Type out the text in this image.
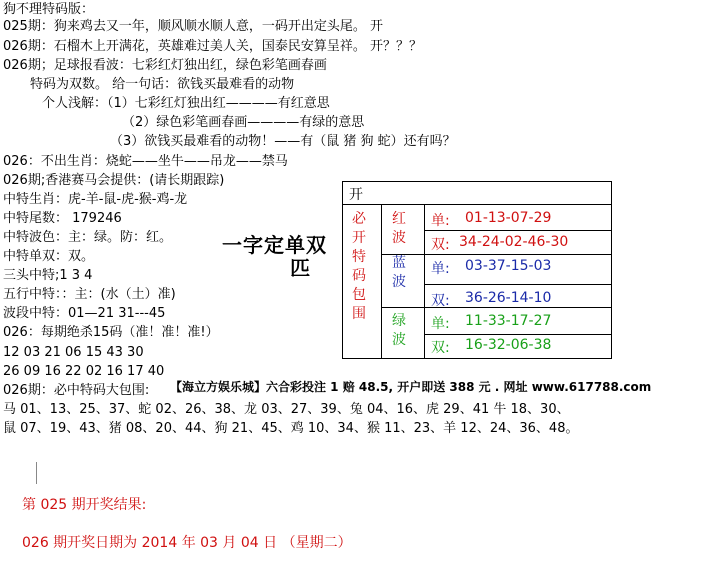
狗不理特码版：
025期：狗来鸡去又一年，顺风顺水顺人意，一码开出定头尾。 开
026期：石榴木上开满花，英雄难过美人关，国泰民安算呈祥。 开？？？
026期；足球报看波：七彩红灯独出红，绿色彩笔画春画
特码为双数。 给一句话：欲钱买最难看的动物
个人浅解：（1）七彩红灯独出红————有红意思
（2）绿色彩笔画春画————有绿的意思
（3）欲钱买最难看的动物！——有（鼠 猪 狗 蛇）还有吗？
026：不出生肖：烧蛇——坐牛——吊龙——禁马
026期;香港赛马会提供：(请长期跟踪)
中特生肖：虎-羊-鼠-虎-猴-鸡-龙
中特尾数： 179246
中特波色：主：绿。防：红。
中特单双：双。
三头中特;1 3 4
五行中特：：主：(水（土）准)
波段中特：01—21 31---45
026：每期绝杀15码（准！准！准!）
12 03 21 06 15 43 30
26 09 16 22 02 16 17 40
026期：必中特码大包围:
马 01、13、25、37、蛇 02、26、38、龙 03、27、39、兔 04、16、虎 29、41 牛 18、30、
鼠 07、19、43、猪 08、20、44、狗 21、45、鸡 10、34、猴 11、23、羊 12、24、36、48。
一字定单双
匹
开
必开特码包围
红波
蓝波
绿波
单: 01-13-07-29
双: 34-24-02-46-30
单: 03-37-15-03
双: 36-26-14-10
单: 11-33-17-27
双: 16-32-06-38
【海立方娱乐城】六合彩投注 1 赔 48.5, 开户即送 388 元 . 网址 www.617788.com
第 025 期开奖结果:
026 期开奖日期为 2014 年 03 月 04 日 （星期二）
